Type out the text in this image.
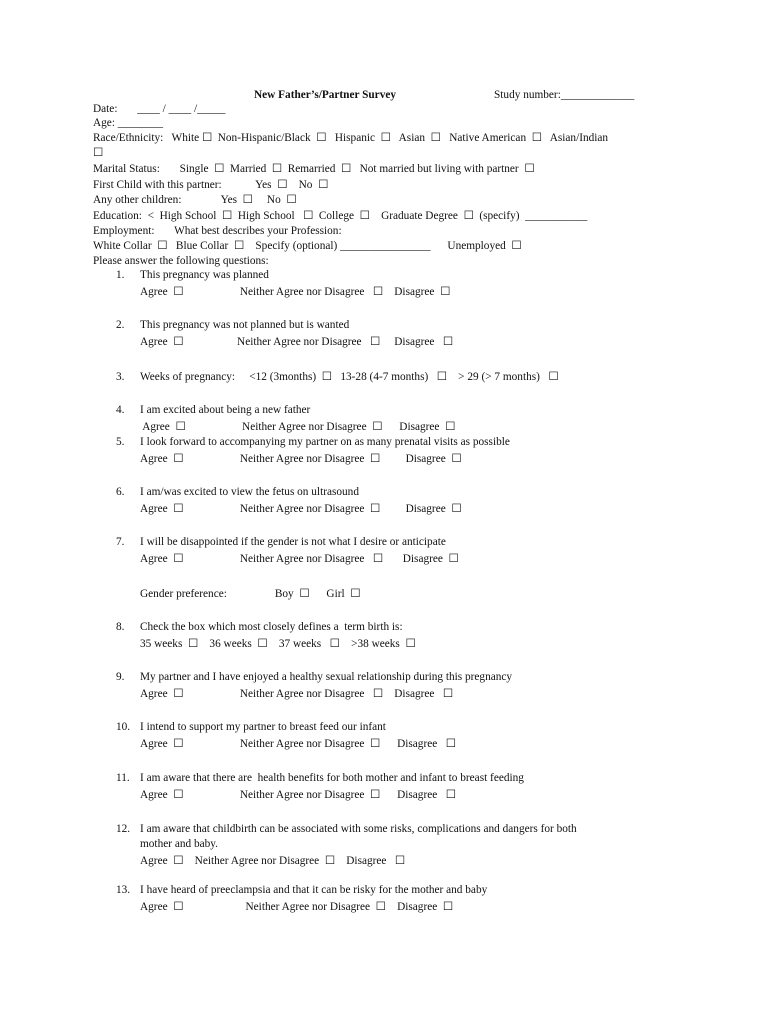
New Father’s/Partner Survey	Study number:_____________
Date:       ____ / ____ /_____
Age: ________
Race/Ethnicity:   White ☐  Non-Hispanic/Black  ☐   Hispanic  ☐   Asian  ☐   Native American  ☐   Asian/Indian
☐
Marital Status:       Single  ☐  Married  ☐  Remarried  ☐   Not married but living with partner  ☐
First Child with this partner:            Yes  ☐    No  ☐
Any other children:              Yes  ☐     No  ☐
Education:  <  High School  ☐  High School   ☐  College  ☐    Graduate Degree  ☐  (specify)  ___________
Employment:       What best describes your Profession:
White Collar  ☐   Blue Collar  ☐    Specify (optional) ________________      Unemployed  ☐
Please answer the following questions:
1. This pregnancy was planned
Agree  ☐                    Neither Agree nor Disagree   ☐    Disagree  ☐
2. This pregnancy was not planned but is wanted
Agree  ☐                   Neither Agree nor Disagree   ☐     Disagree   ☐
3. Weeks of pregnancy:     <12 (3months)  ☐   13-28 (4-7 months)   ☐    > 29 (> 7 months)   ☐
4. I am excited about being a new father
Agree  ☐                    Neither Agree nor Disagree  ☐      Disagree  ☐
5. I look forward to accompanying my partner on as many prenatal visits as possible
Agree  ☐                    Neither Agree nor Disagree  ☐         Disagree  ☐
6. I am/was excited to view the fetus on ultrasound
Agree  ☐                    Neither Agree nor Disagree  ☐         Disagree  ☐
7. I will be disappointed if the gender is not what I desire or anticipate
Agree  ☐                    Neither Agree nor Disagree   ☐       Disagree  ☐
Gender preference:                 Boy  ☐      Girl  ☐
8. Check the box which most closely defines a  term birth is:
35 weeks  ☐    36 weeks  ☐    37 weeks   ☐    >38 weeks  ☐
9. My partner and I have enjoyed a healthy sexual relationship during this pregnancy
Agree  ☐                    Neither Agree nor Disagree   ☐    Disagree   ☐
10. I intend to support my partner to breast feed our infant
Agree  ☐                    Neither Agree nor Disagree  ☐      Disagree   ☐
11. I am aware that there are  health benefits for both mother and infant to breast feeding
Agree  ☐                    Neither Agree nor Disagree  ☐      Disagree   ☐
12. I am aware that childbirth can be associated with some risks, complications and dangers for both
mother and baby.
Agree  ☐    Neither Agree nor Disagree  ☐    Disagree   ☐
13. I have heard of preeclampsia and that it can be risky for the mother and baby
Agree  ☐                      Neither Agree nor Disagree  ☐    Disagree  ☐
